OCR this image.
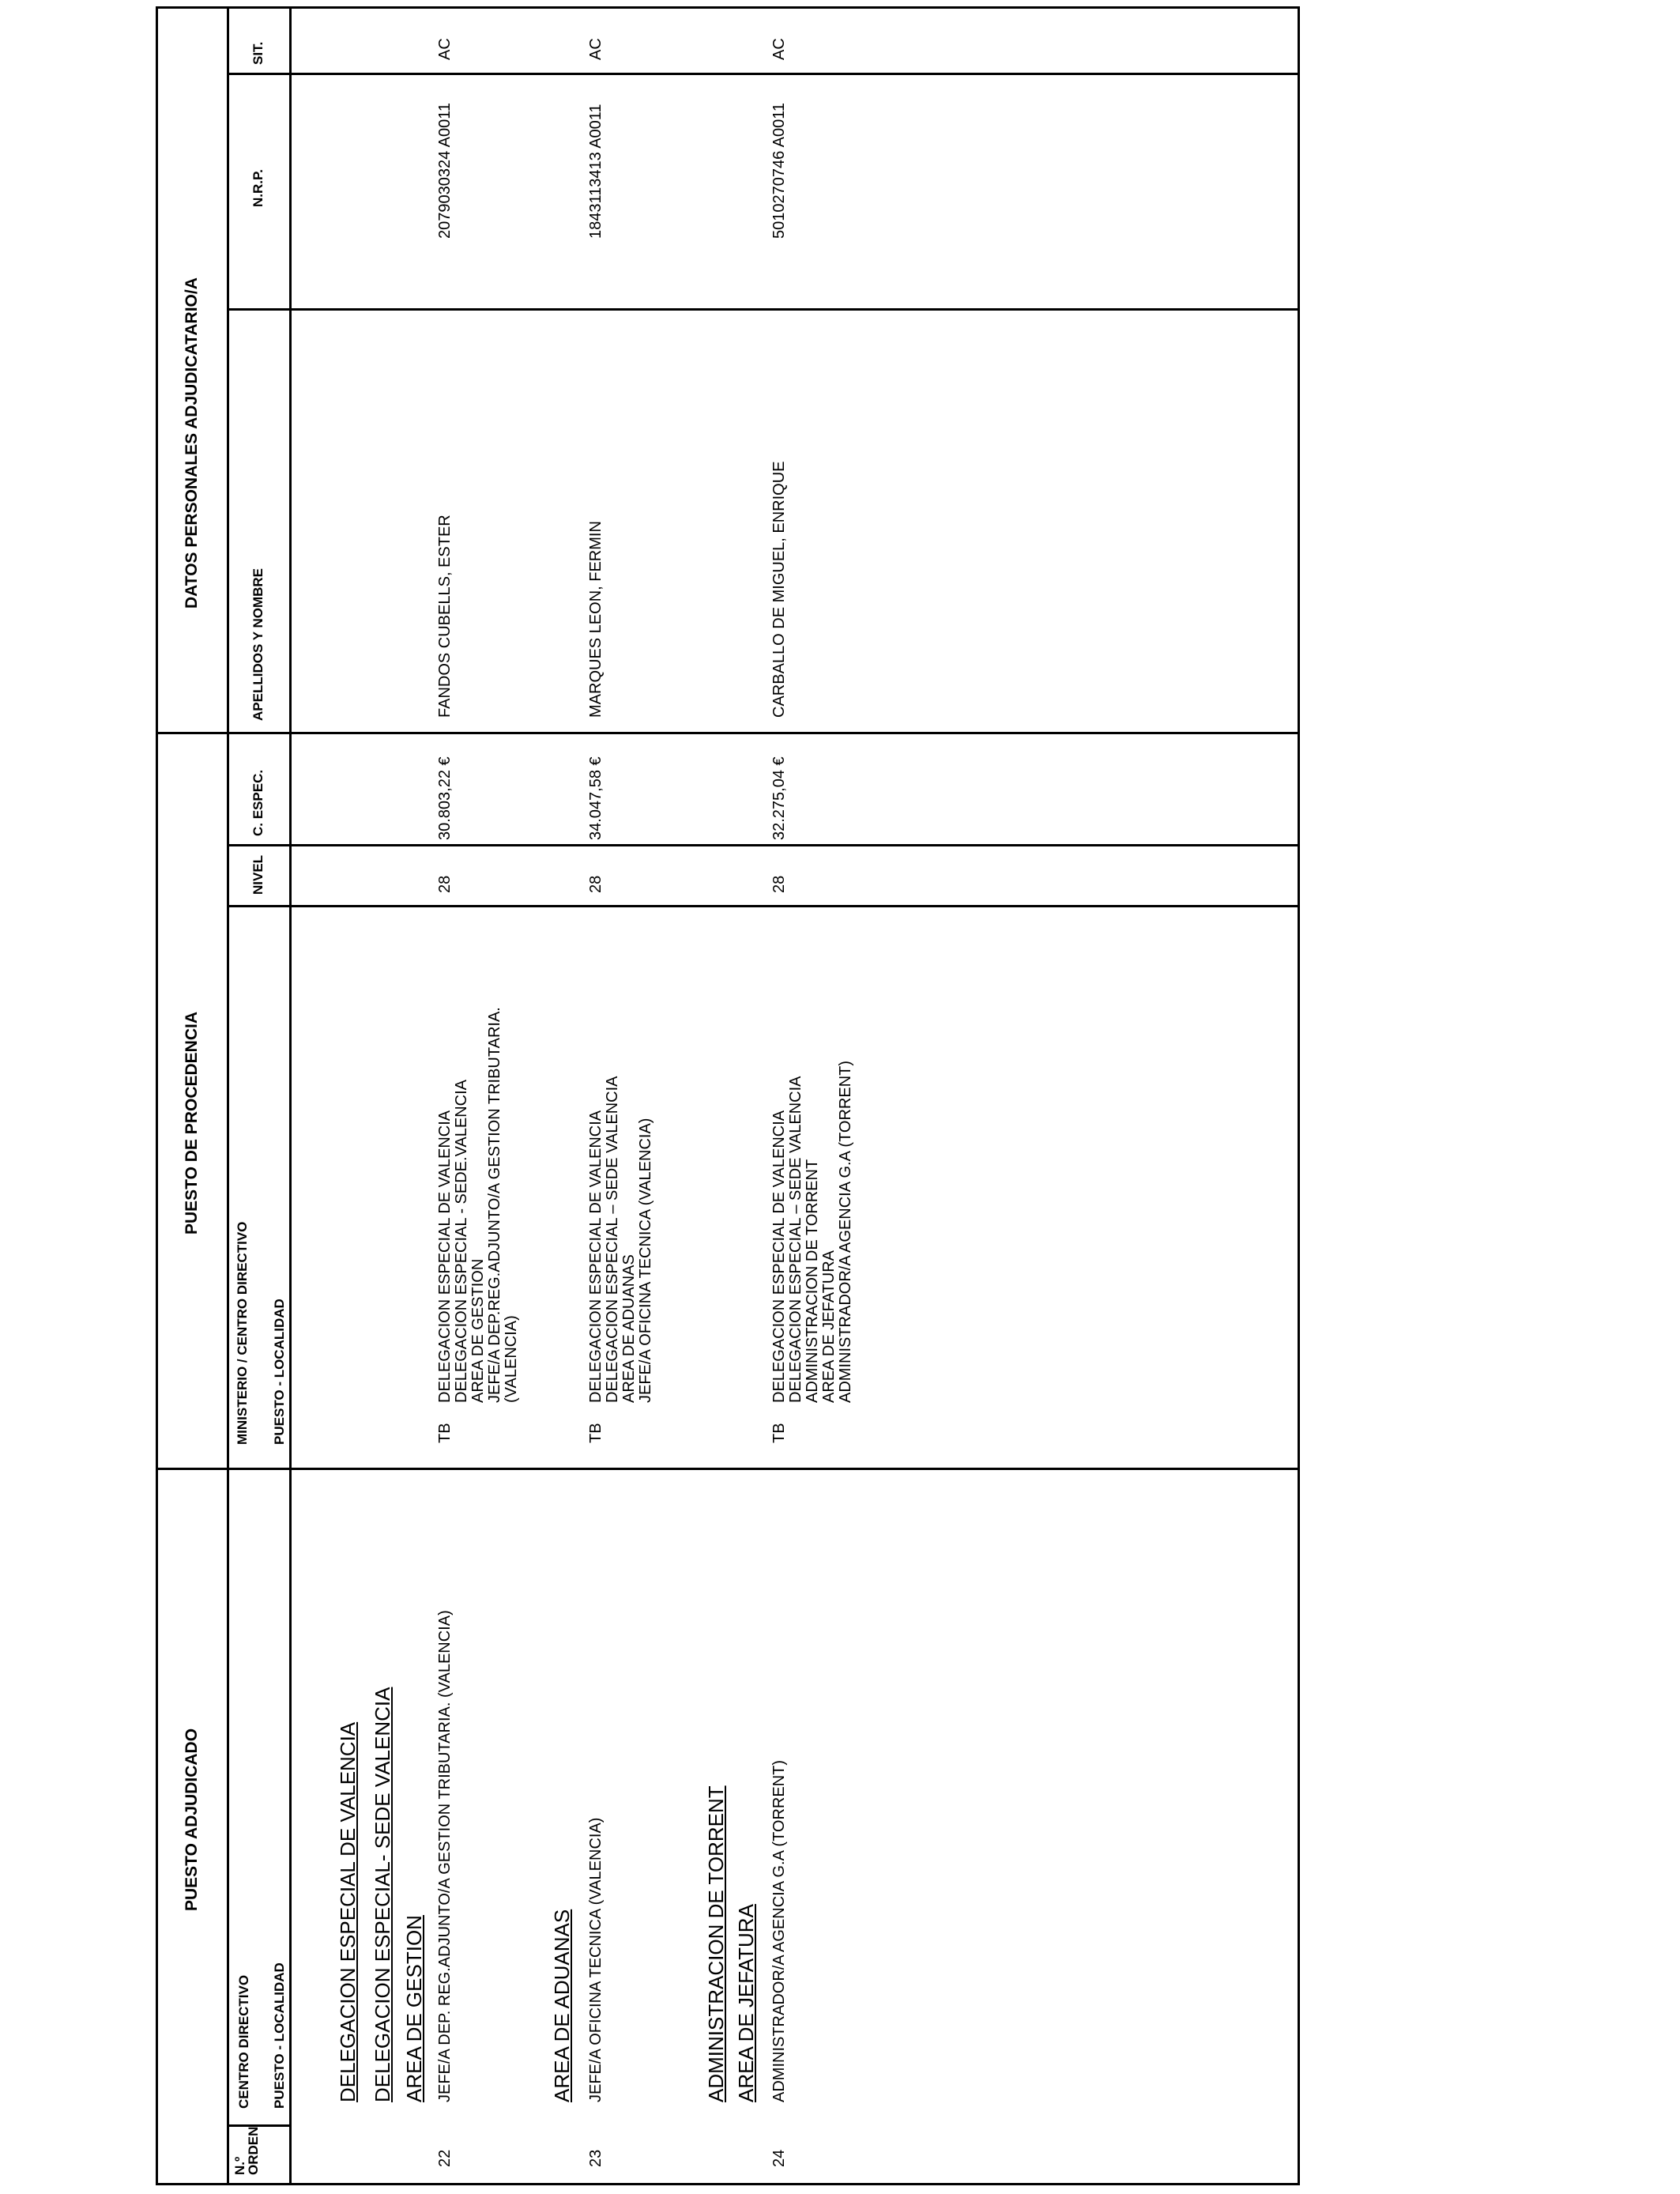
PUESTO ADJUDICADO
PUESTO DE PROCEDENCIA
DATOS PERSONALES ADJUDICATARIO/A
N.º ORDEN
CENTRO DIRECTIVO PUESTO - LOCALIDAD
MINISTERIO / CENTRO DIRECTIVO PUESTO - LOCALIDAD
NIVEL
C. ESPEC.
APELLIDOS Y NOMBRE
N.R.P.
SIT.
DELEGACION ESPECIAL DE VALENCIA DELEGACION ESPECIAL- SEDE VALENCIA AREA DE GESTION	AREA DE ADUANAS	ADMINISTRACION DE TORRENT AREA DE JEFATURA
22
JEFE/A DEP. REG.ADJUNTO/A GESTION TRIBUTARIA. (VALENCIA)
TB
DELEGACION ESPECIAL DE VALENCIA
DELEGACION ESPECIAL - SEDE.VALENCIA
AREA DE GESTION
JEFE/A DEP.REG.ADJUNTO/A GESTION TRIBUTARIA.
(VALENCIA)
28
30.803,22 €
FANDOS CUBELLS, ESTER
2079030324 A0011
AC
23
JEFE/A OFICINA TECNICA (VALENCIA)
TB
DELEGACION ESPECIAL DE VALENCIA
DELEGACION ESPECIAL – SEDE VALENCIA
AREA DE ADUANAS
JEFE/A OFICINA TECNICA (VALENCIA)
28
34.047,58 €
MARQUES LEON, FERMIN
1843113413 A0011
AC
24
ADMINISTRADOR/A AGENCIA G.A (TORRENT)
TB
DELEGACION ESPECIAL DE VALENCIA
DELEGACION ESPECIAL – SEDE VALENCIA
ADMINISTRACION DE TORRENT
AREA DE JEFATURA
ADMINISTRADOR/A AGENCIA G.A (TORRENT)
28
32.275,04 €
CARBALLO DE MIGUEL, ENRIQUE
5010270746 A0011
AC
